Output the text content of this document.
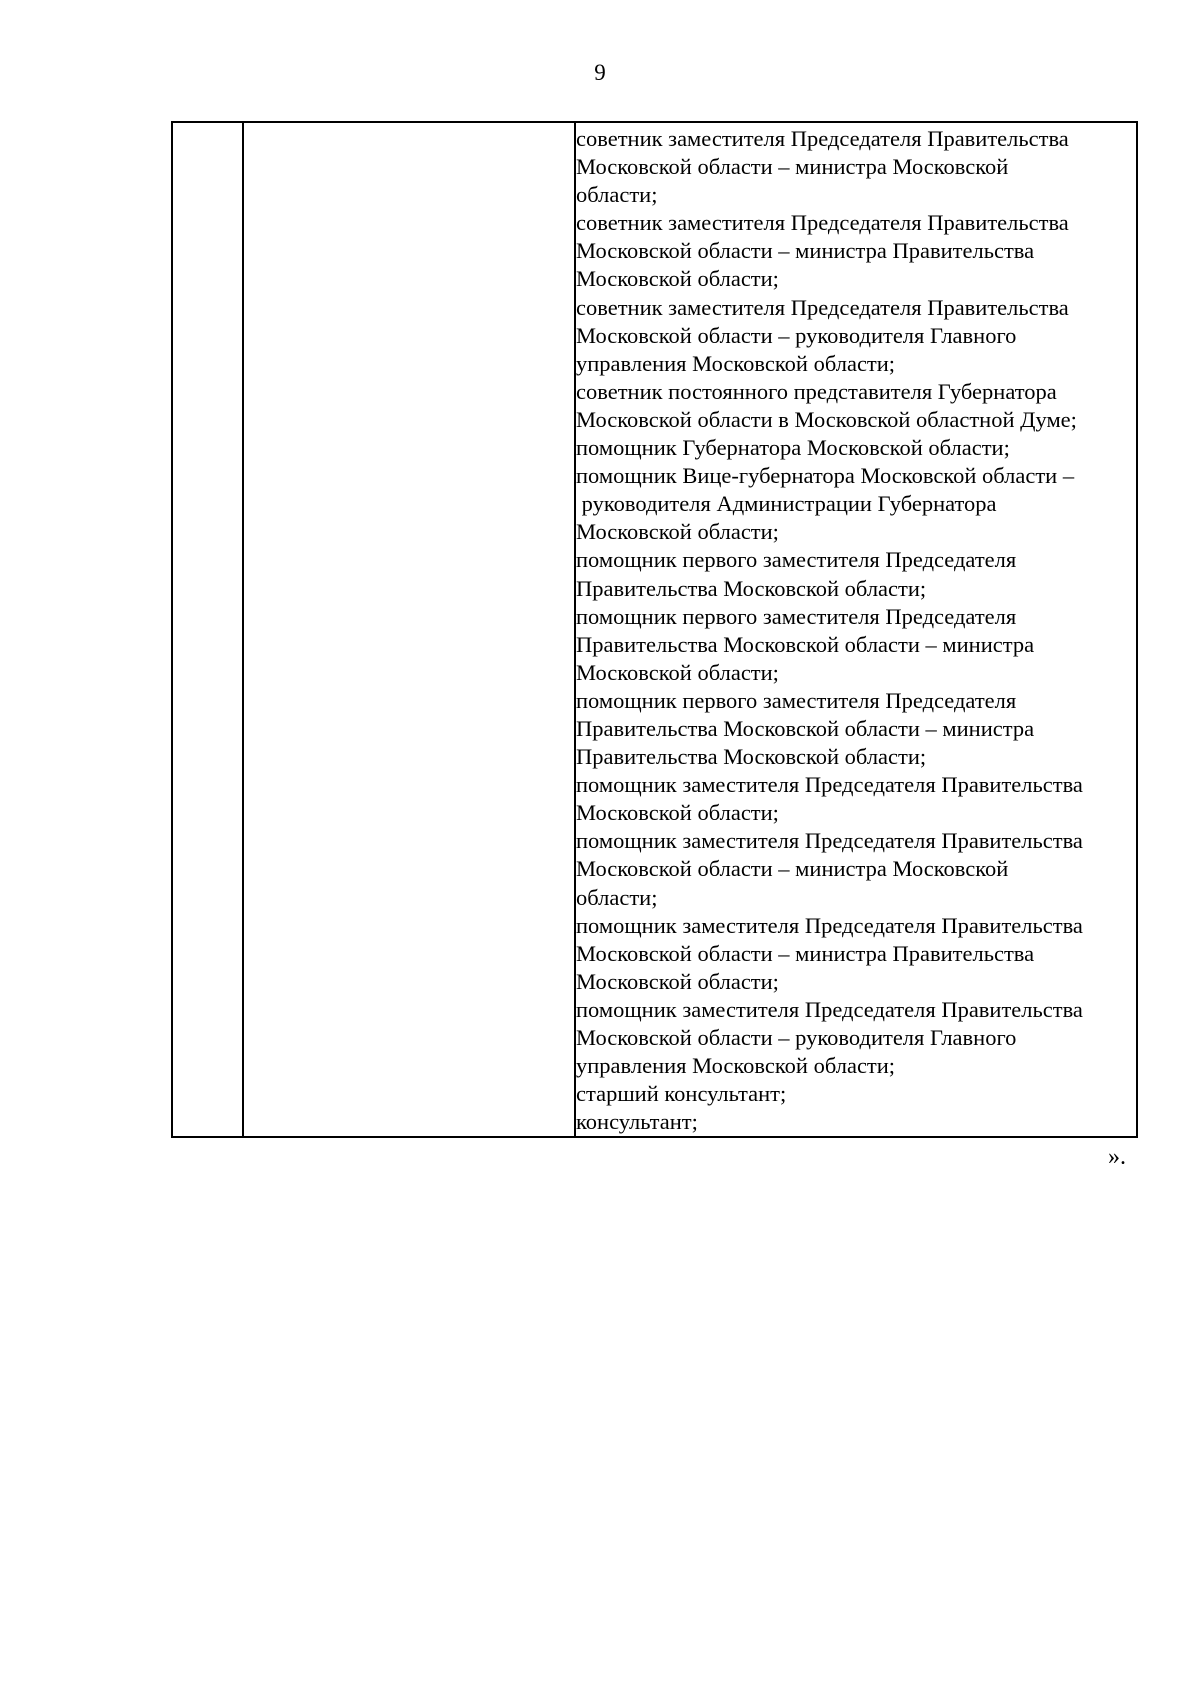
9
советник заместителя Председателя Правительства
Московской области – министра Московской
области;
советник заместителя Председателя Правительства
Московской области – министра Правительства
Московской области;
советник заместителя Председателя Правительства
Московской области – руководителя Главного
управления Московской области;
советник постоянного представителя Губернатора
Московской области в Московской областной Думе;
помощник Губернатора Московской области;
помощник Вице-губернатора Московской области –
руководителя Администрации Губернатора
Московской области;
помощник первого заместителя Председателя
Правительства Московской области;
помощник первого заместителя Председателя
Правительства Московской области – министра
Московской области;
помощник первого заместителя Председателя
Правительства Московской области – министра
Правительства Московской области;
помощник заместителя Председателя Правительства
Московской области;
помощник заместителя Председателя Правительства
Московской области – министра Московской
области;
помощник заместителя Председателя Правительства
Московской области – министра Правительства
Московской области;
помощник заместителя Председателя Правительства
Московской области – руководителя Главного
управления Московской области;
старший консультант;
консультант;
».
